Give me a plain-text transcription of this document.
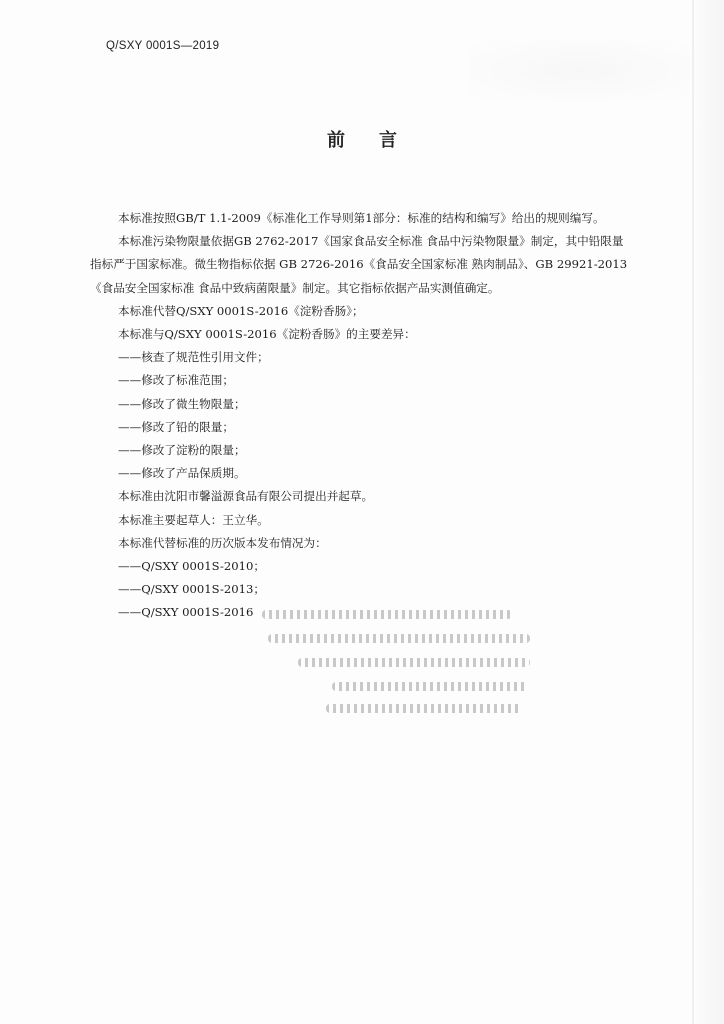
Q/SXY 0001S—2019
前 言

本标准按照GB/T 1.1-2009《标准化工作导则第1部分：标准的结构和编写》给出的规则编写。

本标准污染物限量依据GB 2762-2017《国家食品安全标准 食品中污染物限量》制定，其中铅限量

指标严于国家标准。微生物指标依据 GB 2726-2016《食品安全国家标准 熟肉制品》、GB 29921-2013

《食品安全国家标准 食品中致病菌限量》制定。其它指标依据产品实测值确定。

本标准代替Q/SXY 0001S-2016《淀粉香肠》；

本标准与Q/SXY 0001S-2016《淀粉香肠》的主要差异：

——核查了规范性引用文件；

——修改了标准范围；

——修改了微生物限量；

——修改了铅的限量；

——修改了淀粉的限量；

——修改了产品保质期。

本标准由沈阳市馨溢源食品有限公司提出并起草。

本标准主要起草人：王立华。

本标准代替标准的历次版本发布情况为：

——Q/SXY 0001S-2010；

——Q/SXY 0001S-2013；

——Q/SXY 0001S-2016
